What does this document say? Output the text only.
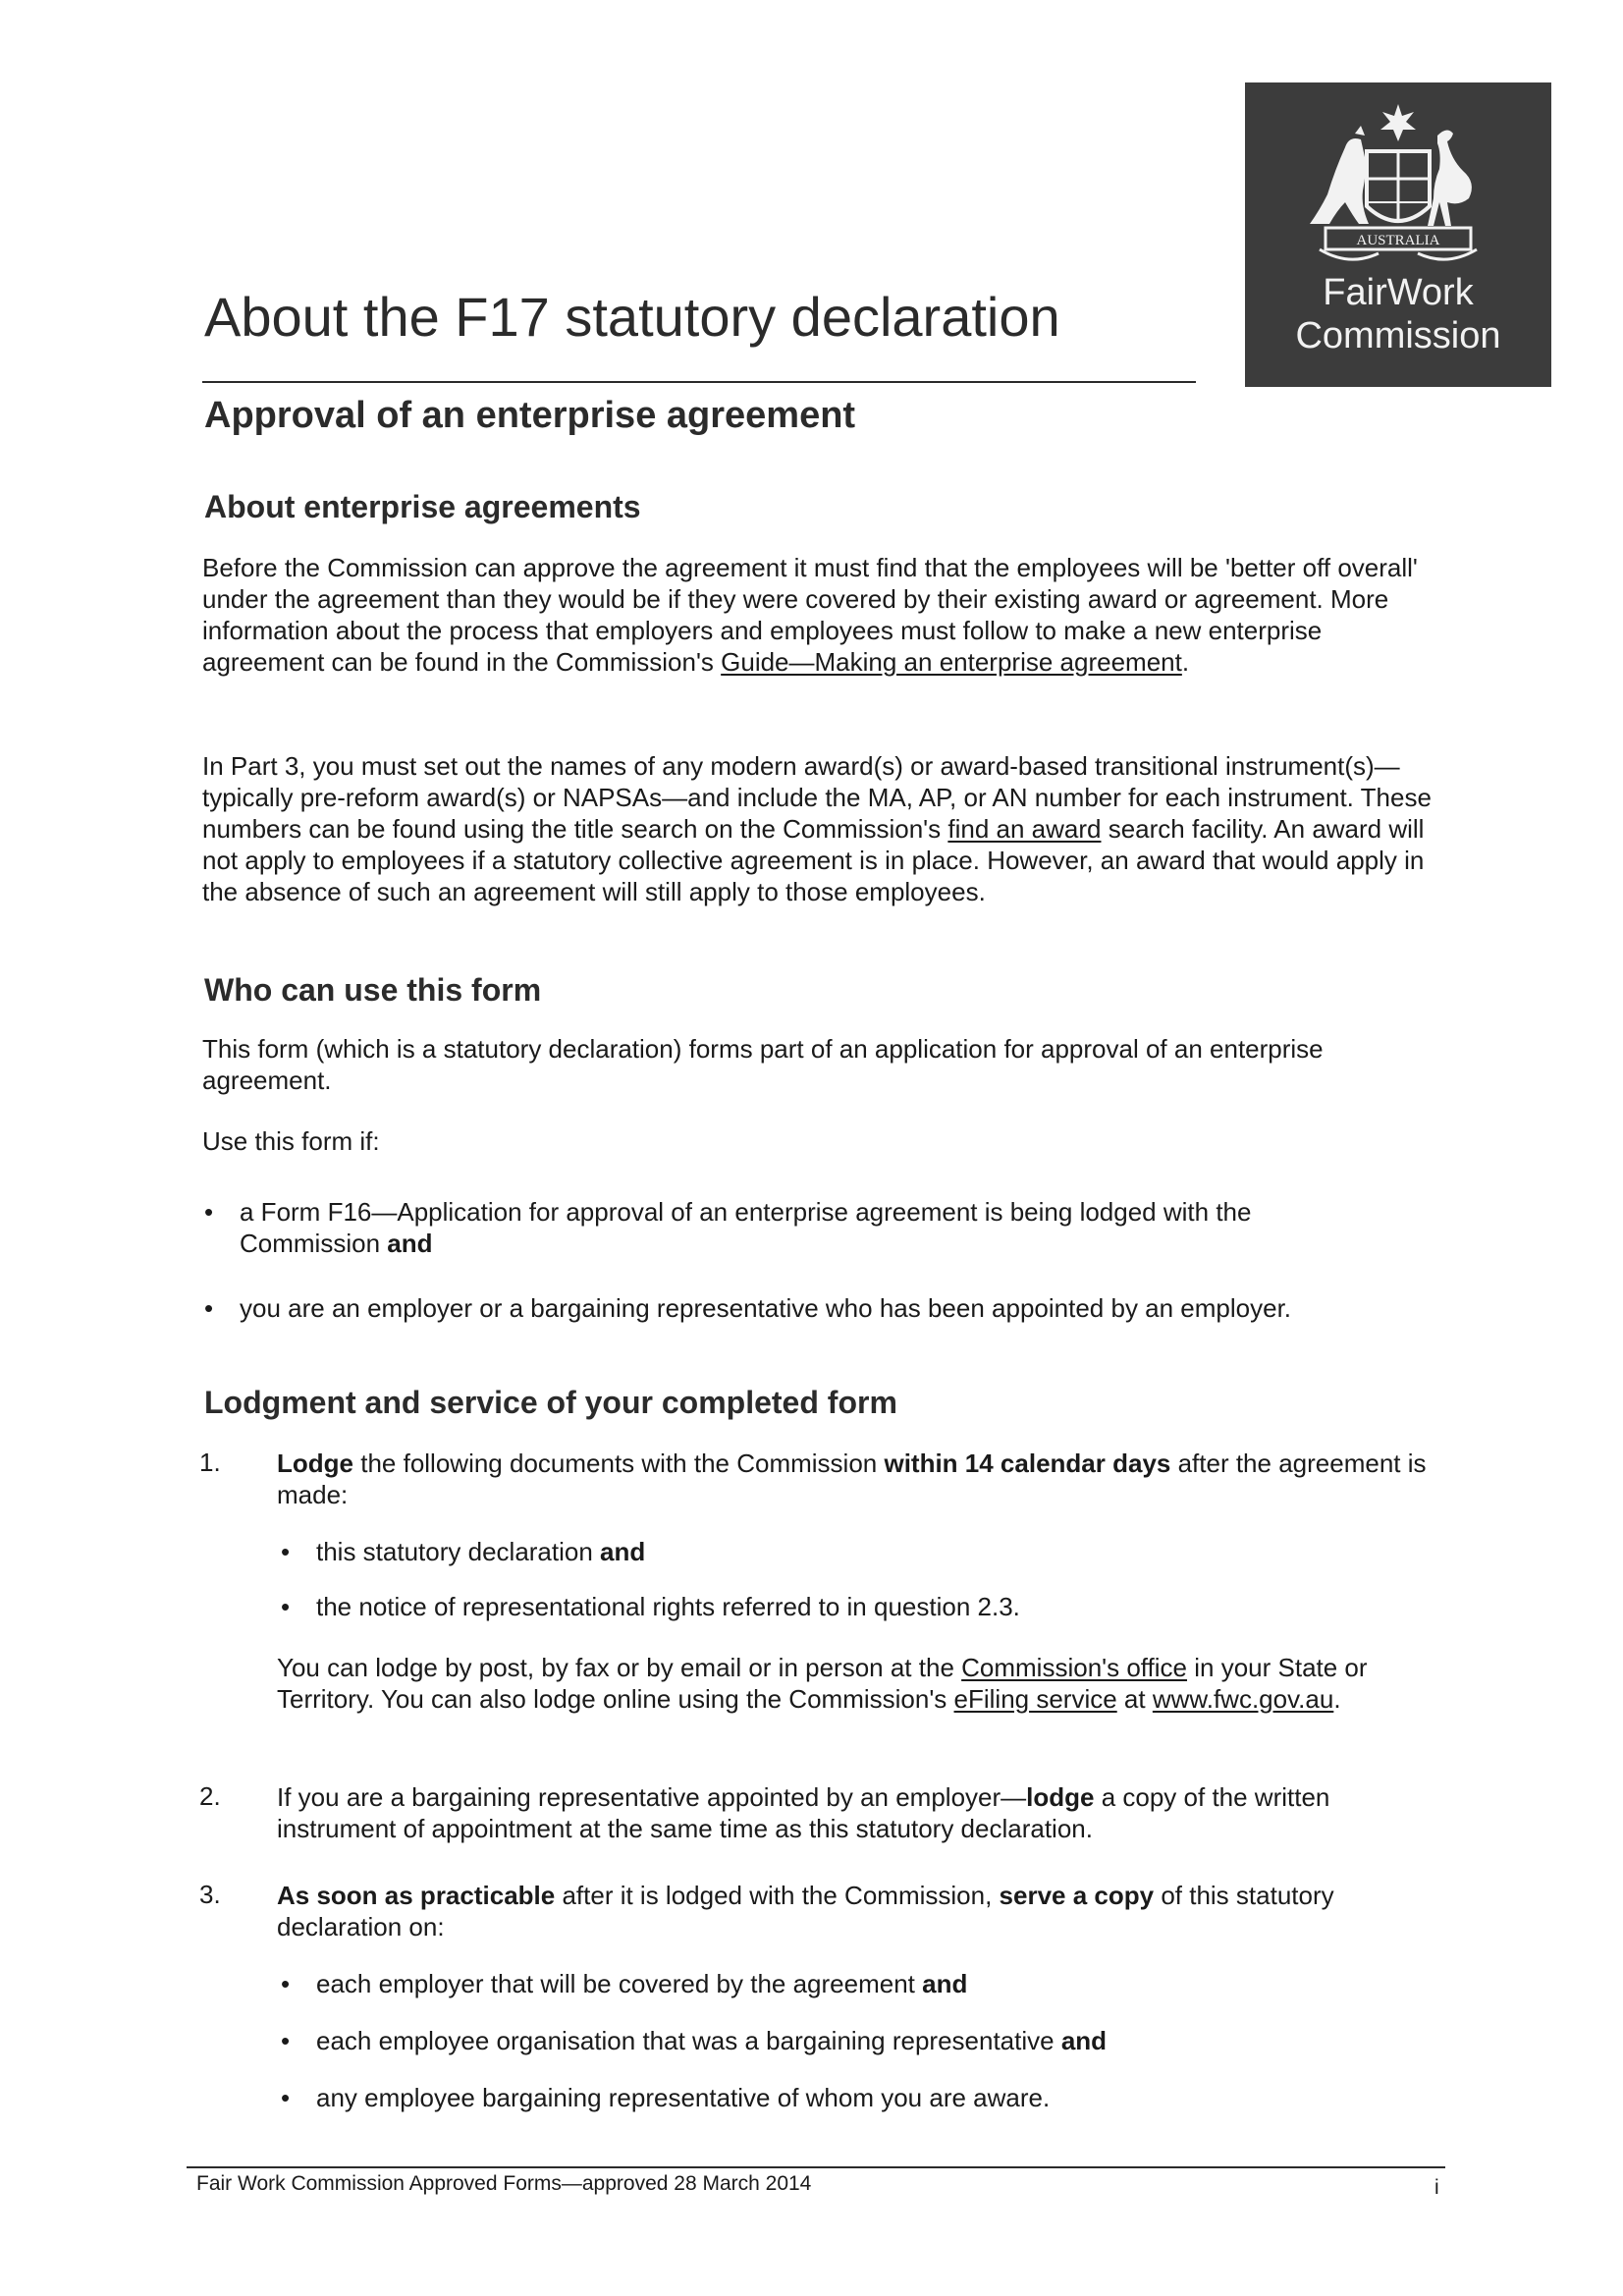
AUSTRALIA
FairWork
Commission
About the F17 statutory declaration
Approval of an enterprise agreement
About enterprise agreements
Before the Commission can approve the agreement it must find that the employees will be 'better off overall' under the agreement than they would be if they were covered by their existing award or agreement. More information about the process that employers and employees must follow to make a new enterprise agreement can be found in the Commission's Guide—Making an enterprise agreement.
In Part 3, you must set out the names of any modern award(s) or award-based transitional instrument(s)—typically pre-reform award(s) or NAPSAs—and include the MA, AP, or AN number for each instrument. These numbers can be found using the title search on the Commission's find an award search facility. An award will not apply to employees if a statutory collective agreement is in place. However, an award that would apply in the absence of such an agreement will still apply to those employees.
Who can use this form
This form (which is a statutory declaration) forms part of an application for approval of an enterprise agreement.
Use this form if:
• a Form F16—Application for approval of an enterprise agreement is being lodged with the Commission and
• you are an employer or a bargaining representative who has been appointed by an employer.
Lodgment and service of your completed form
1. Lodge the following documents with the Commission within 14 calendar days after the agreement is made:
• this statutory declaration and
• the notice of representational rights referred to in question 2.3.
You can lodge by post, by fax or by email or in person at the Commission's office in your State or Territory. You can also lodge online using the Commission's eFiling service at www.fwc.gov.au.
2. If you are a bargaining representative appointed by an employer—lodge a copy of the written instrument of appointment at the same time as this statutory declaration.
3. As soon as practicable after it is lodged with the Commission, serve a copy of this statutory declaration on:
• each employer that will be covered by the agreement and
• each employee organisation that was a bargaining representative and
• any employee bargaining representative of whom you are aware.
Fair Work Commission Approved Forms—approved 28 March 2014	i
